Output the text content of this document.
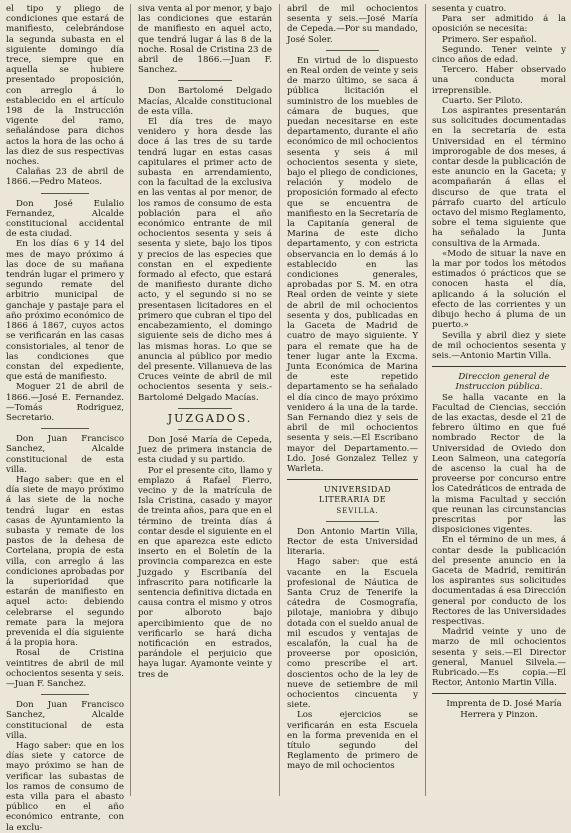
el tipo y pliego de condiciones que estará de manifiesto, celebrándose la segunda subasta en el siguiente domingo día trece, siempre que en aquella se hubiere presentado proposición, con arreglo á lo establecido en el artículo 198 de la Instrucción vigente del ramo, señalándose para dichos actos la hora de las ocho á las diez de sus respectivas noches.

Calañas 23 de abril de 1866.—Pedro Mateos.

Don José Eulalio Fernandez, Alcalde constitucional accidental de esta ciudad.

En los días 6 y 14 del mes de mayo próximo á las doce de su mañana tendrán lugar el primero y segundo remate del arbitrio municipal de ganchaje y pastaje para el año próximo económico de 1866 á 1867, cuyos actos se verificarán en las casas consistoriales, al tenor de las condiciones que constan del expediente, que está de manifiesto.

Moguer 21 de abril de 1866.—José E. Fernandez.—Tomás Rodriguez, Secretario.

Don Juan Francisco Sanchez, Alcalde constitucional de esta villa.

Hago saber: que en el día siete de mayo próximo á las siete de la noche tendrá lugar en estas casas de Ayuntamiento la subasta y remate de los pastos de la dehesa de Cortelana, propia de esta villa, con arreglo á las condiciones aprobadas por la superioridad que estarán de manifiesto en aquel acto: debiendo celebrarse el segundo remate para la mejora prevenida el día siguiente á la propia hora.

Rosal de Cristina veintitres de abril de mil ochocientos sesenta y seis.—Juan F. Sanchez.

Don Juan Francisco Sanchez, Alcalde constitucional de esta villa.

Hago saber: que en los días siete y catorce de mayo próximo se han de verificar las subastas de los ramos de consumo de esta villa para el abasto público en el año económico entrante, con la exclu-

siva venta al por menor, y bajo las condiciones que estarán de manifiesto en aquel acto, que tendrá lugar á las 8 de la noche. Rosal de Cristina 23 de abril de 1866.—Juan F. Sanchez.

Don Bartolomé Delgado Macías, Alcalde constitucional de esta villa.

El día tres de mayo venidero y hora desde las doce á las tres de su tarde tendrá lugar en estas casas capitulares el primer acto de subasta en arrendamiento, con la facultad de la exclusiva en las ventas al por menor, de los ramos de consumo de esta población para el año económico entrante de mil ochocientos sesenta y seis á sesenta y siete, bajo los tipos y precios de las especies que constan en el expediente formado al efecto, que estará de manifiesto durante dicho acto, y el segundo si no se presentasen licitadores en el primero que cubran el tipo del encabezamiento, el domingo siguiente seis de dicho mes á las mismas horas. Lo que se anuncia al público por medio del presente. Villanueva de las Cruces veinte de abril de mil ochocientos sesenta y seis.-Bartolomé Delgado Macías.

JUZGADOS.

Don José María de Cepeda, Juez de primera instancia de esta ciudad y su partido.

Por el presente cito, llamo y emplazo á Rafael Fierro, vecino y de la matrícula de Isla Cristina, casado y mayor de treinta años, para que en el término de treinta días á contar desde el siguiente en el en que aparezca este edicto inserto en el Boletín de la provincia comparezca en este Juzgado y Escribanía del infrascrito para notificarle la sentencia definitiva dictada en causa contra el mismo y otros por alboroto bajo apercibimiento que de no verificarlo se hará dicha notificación en estrados, parándole el perjuicio que haya lugar. Ayamonte veinte y tres de

abril de mil ochocientos sesenta y seis.—José María de Cepeda.—Por su mandado, José Soler.

En virtud de lo dispuesto en Real orden de veinte y seis de marzo último, se saca á pública licitación el suministro de los muebles de cámara de buques, que puedan necesitarse en este departamento, durante el año económico de mil ochocientos sesenta y seis á mil ochocientos sesenta y siete, bajo el pliego de condiciones, relación y modelo de proposición formado al efecto que se encuentra de manifiesto en la Secretaría de la Capitanía general de Marina de este dicho departamento, y con estricta observancia en lo demás á lo establecido en las condiciones generales, aprobadas por S. M. en otra Real orden de veinte y siete de abril de mil ochocientos sesenta y dos, publicadas en la Gaceta de Madrid de cuatro de mayo siguiente. Y para el remate que ha de tener lugar ante la Excma. Junta Económica de Marina de este repetido departamento se ha señalado el día cinco de mayo próximo venidero á la una de la tarde. San Fernando diez y seis de abril de mil ochocientos sesenta y seis.—El Escribano mayor del Departamento.—Ldo. José Gonzalez Tellez y Warleta.

UNIVERSIDAD LITERARIA DE

SEVILLA.

Don Antonio Martin Villa, Rector de esta Universidad literaria.

Hago saber: que está vacante en la Escuela profesional de Náutica de Santa Cruz de Tenerife la cátedra de Cosmografía, pilotaje, maniobra y dibujo dotada con el sueldo anual de mil escudos y ventajas de escalafón, la cual ha de proveerse por oposición, como prescribe el art. doscientos ocho de la ley de nueve de setiembre de mil ochocientos cincuenta y siete.

Los ejercicios se verificarán en esta Escuela en la forma prevenida en el título segundo del Reglamento de primero de mayo de mil ochocientos

sesenta y cuatro.

Para ser admitido á la oposición se necesita:

Primero. Ser español.

Segundo. Tener veinte y cinco años de edad.

Tercero. Haber observado una conducta moral irreprensible.

Cuarto. Ser Piloto.

Los aspirantes presentarán sus solicitudes documentadas en la secretaría de esta Universidad en el término improrogable de dos meses, á contar desde la publicación de este anuncio en la Gaceta; y acompañarán á ellas el discurso de que trata el párrafo cuarto del artículo octavo del mismo Reglamento, sobre el tema siguiente que ha señalado la Junta consultiva de la Armada.

«Modo de situar la nave en la mar por todos los métodos estimados ó prácticos que se conocen hasta el día, aplicando á la solución el efecto de las corrientes y un dibujo hecho á pluma de un puerto.»

Sevilla y abril diez y siete de mil ochocientos sesenta y seis.—Antonio Martin Villa.

Direccion general de Instruccion pública.

Se halla vacante en la Facultad de Ciencias, sección de las exactas, desde el 21 de febrero último en que fué nombrado Rector de la Universidad de Oviedo don Leon Salmeon, una categoría de ascenso la cual ha de proveerse por concurso entre los Catedráticos de entrada de la misma Facultad y sección que reunan las circunstancias prescritas por las disposiciones vigentes.

En el término de un mes, á contar desde la publicación del presente anuncio en la Gaceta de Madrid, remitirán los aspirantes sus solicitudes documentadas á esa Dirección general por conducto de los Rectores de las Universidades respectivas.

Madrid veinte y uno de marzo de mil ochocientos sesenta y seis.—El Director general, Manuel Silvela.—Rubricado.—Es copia.—El Rector, Antonio Martin Villa.

Imprenta de D. José María Herrera y Pinzon.
